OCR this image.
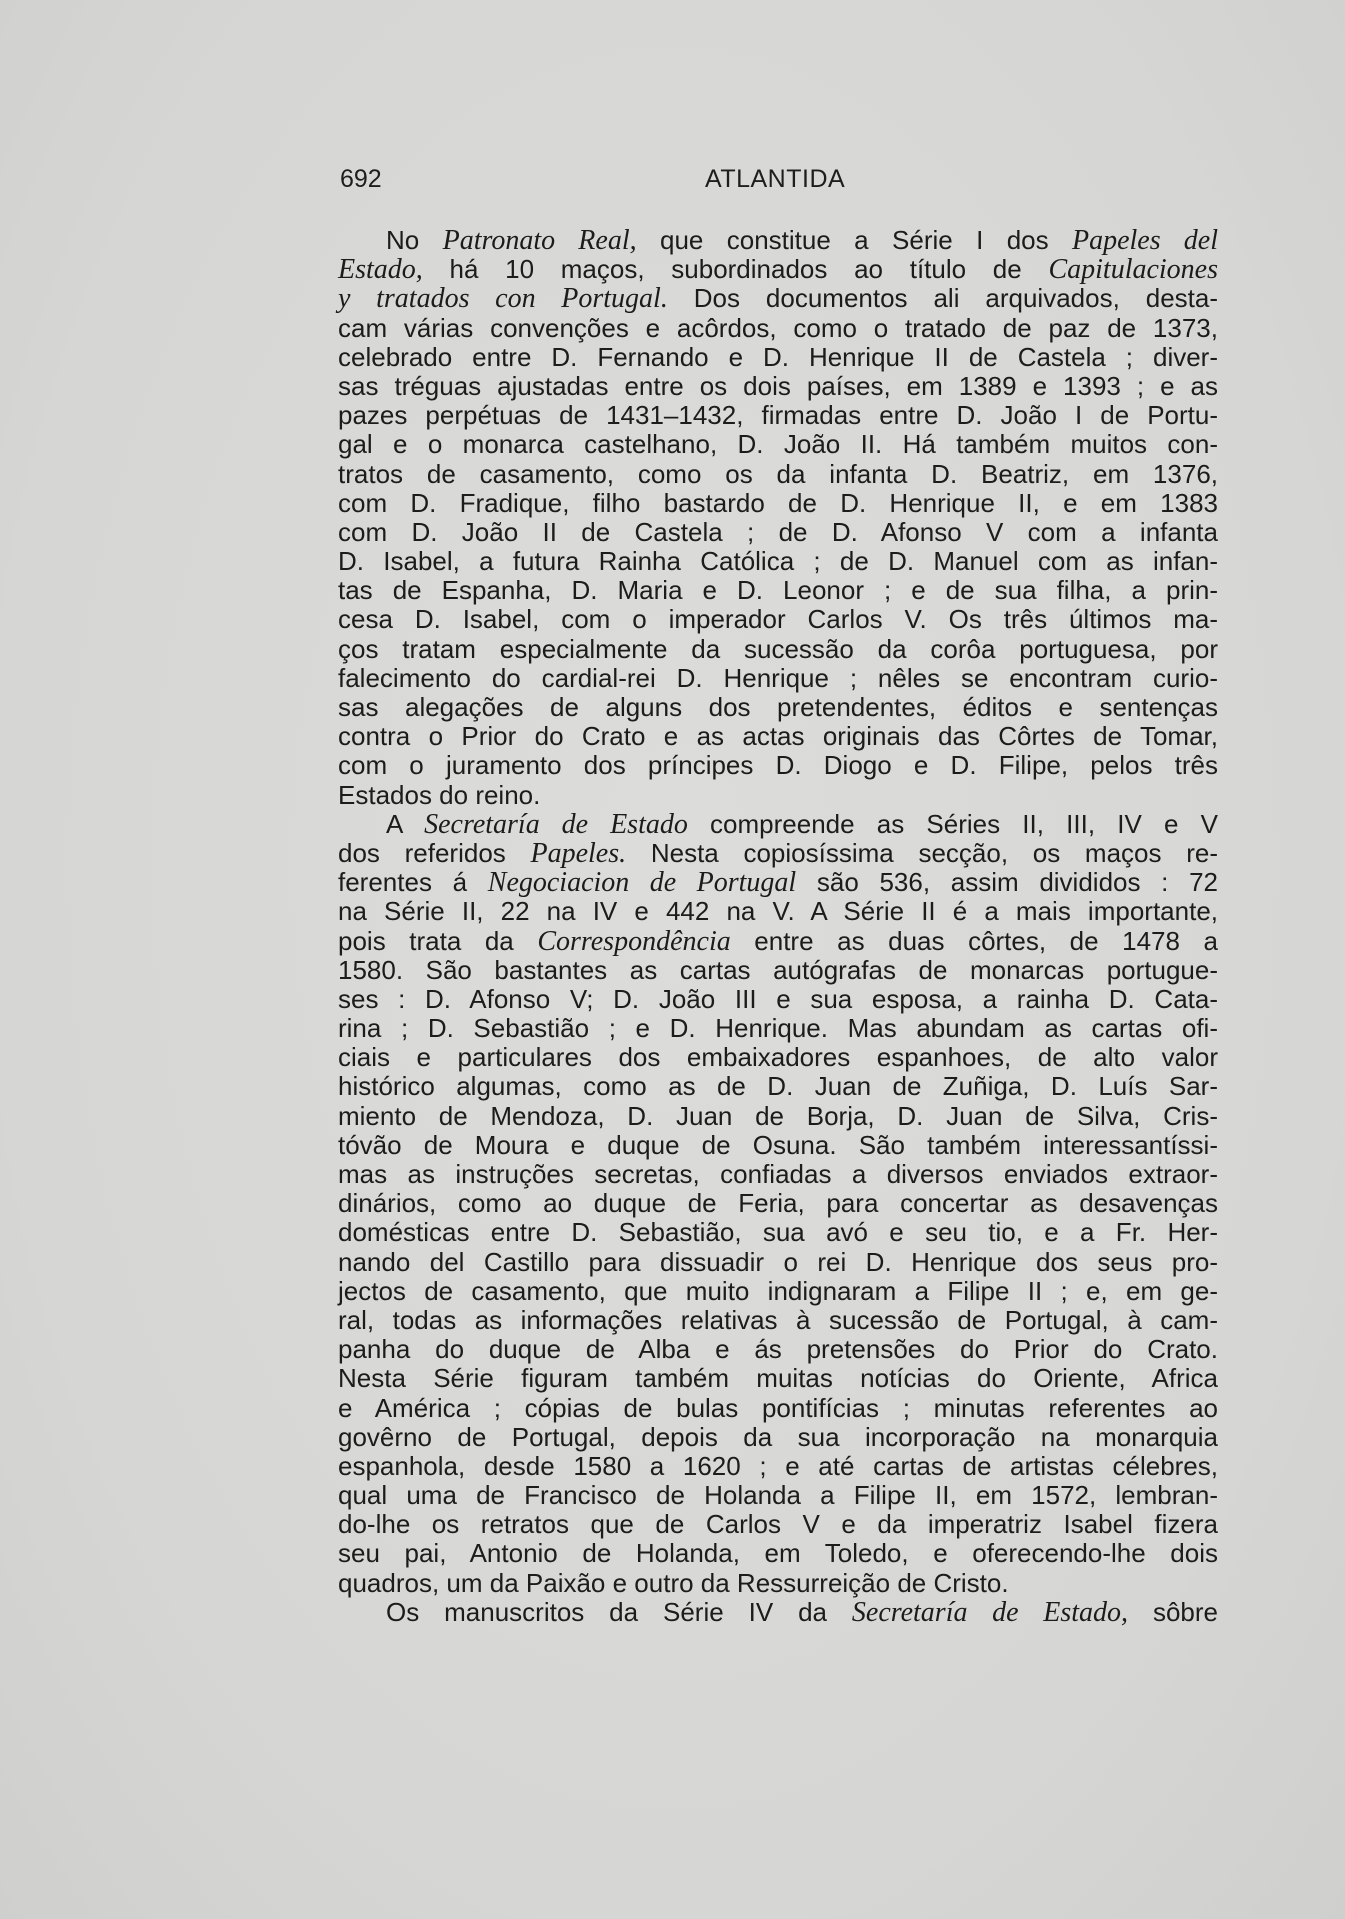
692	ATLANTIDA
No Patronato Real, que constitue a Série I dos Papeles del
Estado, há 10 maços, subordinados ao título de Capitulaciones
y tratados con Portugal. Dos documentos ali arquivados, desta-
cam várias convenções e acôrdos, como o tratado de paz de 1373,
celebrado entre D. Fernando e D. Henrique II de Castela ; diver-
sas tréguas ajustadas entre os dois países, em 1389 e 1393 ; e as
pazes perpétuas de 1431–1432, firmadas entre D. João I de Portu-
gal e o monarca castelhano, D. João II. Há também muitos con-
tratos de casamento, como os da infanta D. Beatriz, em 1376,
com D. Fradique, filho bastardo de D. Henrique II, e em 1383
com D. João II de Castela ; de D. Afonso V com a infanta
D. Isabel, a futura Rainha Católica ; de D. Manuel com as infan-
tas de Espanha, D. Maria e D. Leonor ; e de sua filha, a prin-
cesa D. Isabel, com o imperador Carlos V. Os três últimos ma-
ços tratam especialmente da sucessão da corôa portuguesa, por
falecimento do cardial-rei D. Henrique ; nêles se encontram curio-
sas alegações de alguns dos pretendentes, éditos e sentenças
contra o Prior do Crato e as actas originais das Côrtes de Tomar,
com o juramento dos príncipes D. Diogo e D. Filipe, pelos três
Estados do reino.
A Secretaría de Estado compreende as Séries II, III, IV e V
dos referidos Papeles. Nesta copiosíssima secção, os maços re-
ferentes á Negociacion de Portugal são 536, assim divididos : 72
na Série II, 22 na IV e 442 na V. A Série II é a mais importante,
pois trata da Correspondência entre as duas côrtes, de 1478 a
1580. São bastantes as cartas autógrafas de monarcas portugue-
ses : D. Afonso V; D. João III e sua esposa, a rainha D. Cata-
rina ; D. Sebastião ; e D. Henrique. Mas abundam as cartas ofi-
ciais e particulares dos embaixadores espanhoes, de alto valor
histórico algumas, como as de D. Juan de Zuñiga, D. Luís Sar-
miento de Mendoza, D. Juan de Borja, D. Juan de Silva, Cris-
tóvão de Moura e duque de Osuna. São também interessantíssi-
mas as instruções secretas, confiadas a diversos enviados extraor-
dinários, como ao duque de Feria, para concertar as desavenças
domésticas entre D. Sebastião, sua avó e seu tio, e a Fr. Her-
nando del Castillo para dissuadir o rei D. Henrique dos seus pro-
jectos de casamento, que muito indignaram a Filipe II ; e, em ge-
ral, todas as informações relativas à sucessão de Portugal, à cam-
panha do duque de Alba e ás pretensões do Prior do Crato.
Nesta Série figuram também muitas notícias do Oriente, Africa
e América ; cópias de bulas pontifícias ; minutas referentes ao
govêrno de Portugal, depois da sua incorporação na monarquia
espanhola, desde 1580 a 1620 ; e até cartas de artistas célebres,
qual uma de Francisco de Holanda a Filipe II, em 1572, lembran-
do-lhe os retratos que de Carlos V e da imperatriz Isabel fizera
seu pai, Antonio de Holanda, em Toledo, e oferecendo-lhe dois
quadros, um da Paixão e outro da Ressurreição de Cristo.
Os manuscritos da Série IV da Secretaría de Estado, sôbre
